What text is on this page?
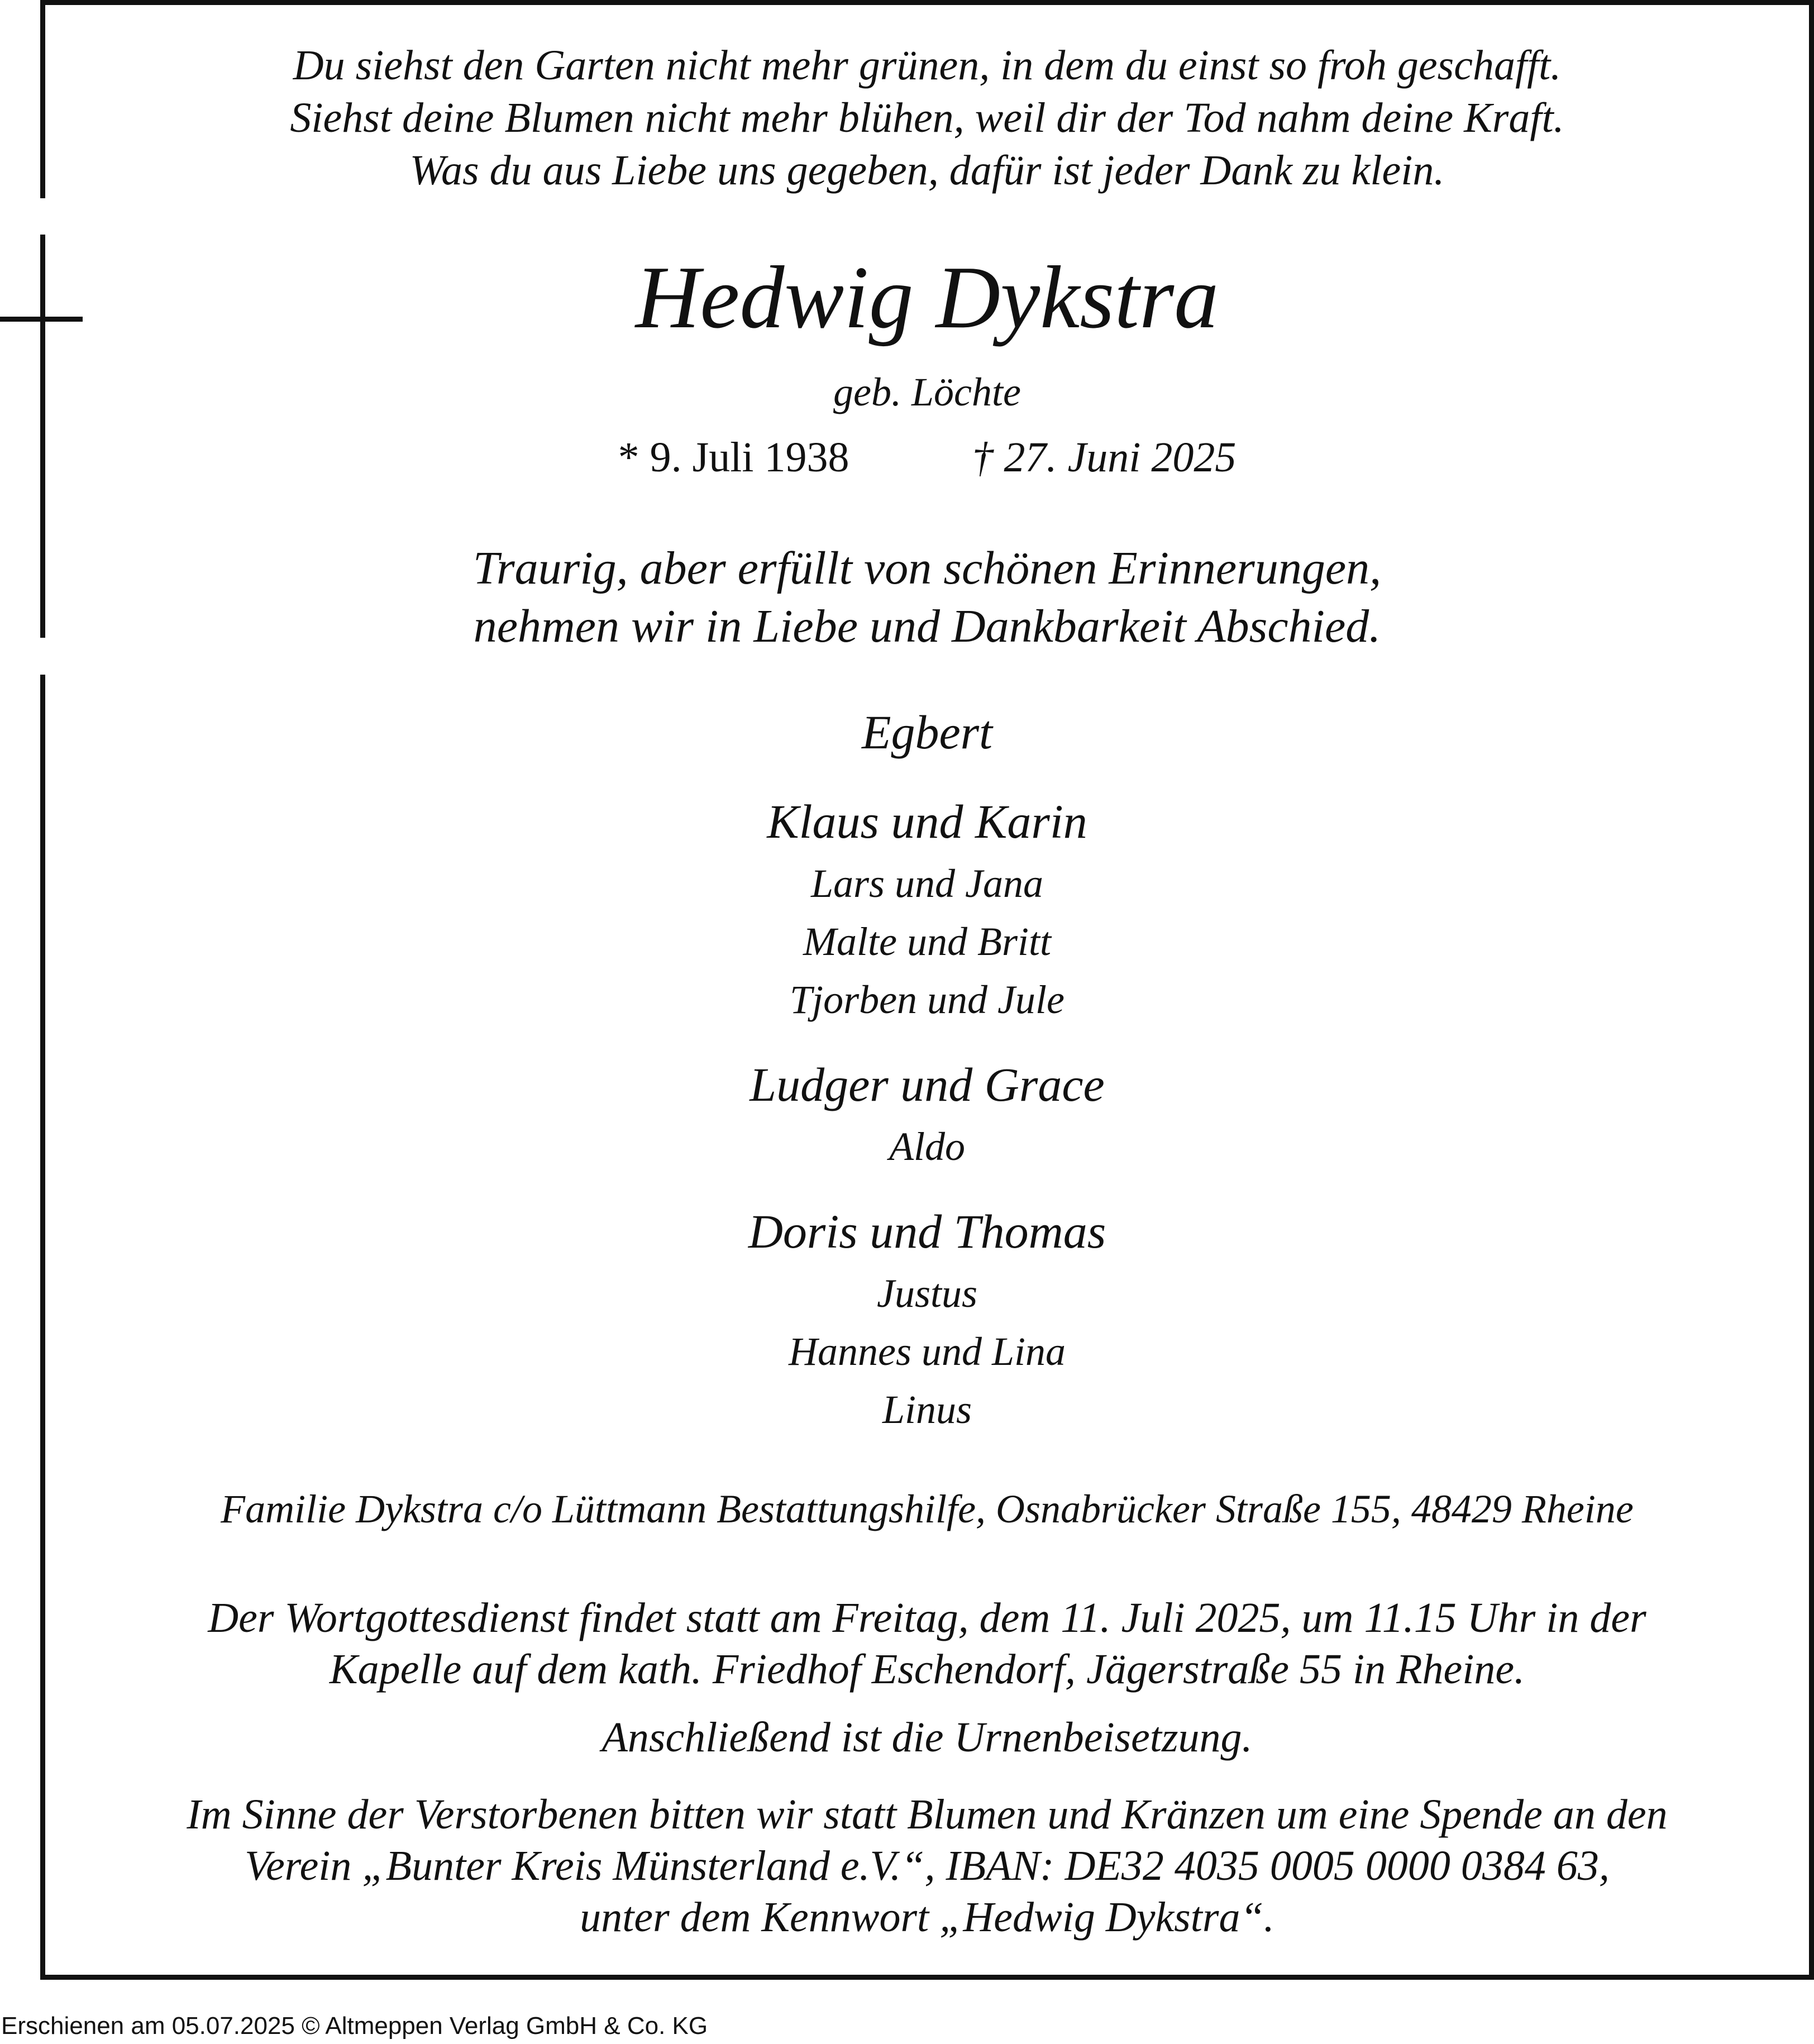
Du siehst den Garten nicht mehr grünen, in dem du einst so froh geschafft.
Siehst deine Blumen nicht mehr blühen, weil dir der Tod nahm deine Kraft.
Was du aus Liebe uns gegeben, dafür ist jeder Dank zu klein.
Hedwig Dykstra
geb. Löchte
* 9. Juli 1938	† 27. Juni 2025
Traurig, aber erfüllt von schönen Erinnerungen,
nehmen wir in Liebe und Dankbarkeit Abschied.
Egbert
Klaus und Karin
Lars und Jana
Malte und Britt
Tjorben und Jule
Ludger und Grace
Aldo
Doris und Thomas
Justus
Hannes und Lina
Linus
Familie Dykstra c/o Lüttmann Bestattungshilfe, Osnabrücker Straße 155, 48429 Rheine
Der Wortgottesdienst findet statt am Freitag, dem 11. Juli 2025, um 11.15 Uhr in der
Kapelle auf dem kath. Friedhof Eschendorf, Jägerstraße 55 in Rheine.
Anschließend ist die Urnenbeisetzung.
Im Sinne der Verstorbenen bitten wir statt Blumen und Kränzen um eine Spende an den
Verein „Bunter Kreis Münsterland e.V.“, IBAN: DE32 4035 0005 0000 0384 63,
unter dem Kennwort „Hedwig Dykstra“.
Erschienen am 05.07.2025 © Altmeppen Verlag GmbH & Co. KG
